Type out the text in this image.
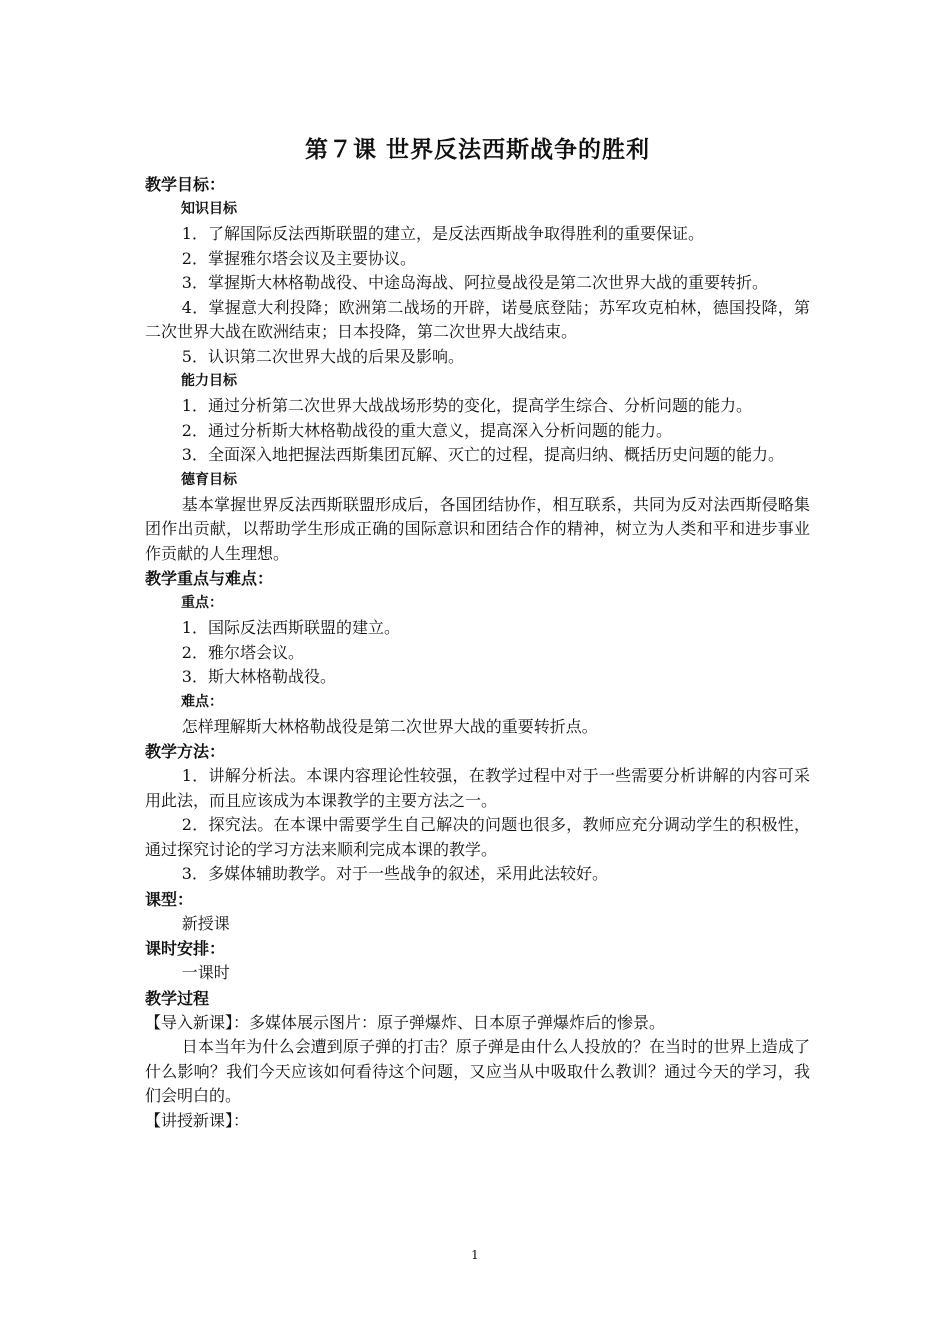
第７课 世界反法西斯战争的胜利

教学目标：

知识目标

1．了解国际反法西斯联盟的建立，是反法西斯战争取得胜利的重要保证。

2．掌握雅尔塔会议及主要协议。

3．掌握斯大林格勒战役、中途岛海战、阿拉曼战役是第二次世界大战的重要转折。

4．掌握意大利投降；欧洲第二战场的开辟，诺曼底登陆；苏军攻克柏林，德国投降，第二次世界大战在欧洲结束；日本投降，第二次世界大战结束。

5．认识第二次世界大战的后果及影响。

能力目标

1．通过分析第二次世界大战战场形势的变化，提高学生综合、分析问题的能力。

2．通过分析斯大林格勒战役的重大意义，提高深入分析问题的能力。

3．全面深入地把握法西斯集团瓦解、灭亡的过程，提高归纳、概括历史问题的能力。

德育目标

基本掌握世界反法西斯联盟形成后，各国团结协作，相互联系，共同为反对法西斯侵略集团作出贡献，以帮助学生形成正确的国际意识和团结合作的精神，树立为人类和平和进步事业作贡献的人生理想。

教学重点与难点：

重点：

1．国际反法西斯联盟的建立。

2．雅尔塔会议。

3．斯大林格勒战役。

难点：

怎样理解斯大林格勒战役是第二次世界大战的重要转折点。

教学方法：

1．讲解分析法。本课内容理论性较强，在教学过程中对于一些需要分析讲解的内容可采用此法，而且应该成为本课教学的主要方法之一。

2．探究法。在本课中需要学生自己解决的问题也很多，教师应充分调动学生的积极性，通过探究讨论的学习方法来顺利完成本课的教学。

3．多媒体辅助教学。对于一些战争的叙述，采用此法较好。

课型：

新授课

课时安排：

一课时

教学过程

【导入新课】：多媒体展示图片：原子弹爆炸、日本原子弹爆炸后的惨景。

日本当年为什么会遭到原子弹的打击？原子弹是由什么人投放的？在当时的世界上造成了什么影响？我们今天应该如何看待这个问题，又应当从中吸取什么教训？通过今天的学习，我们会明白的。

【讲授新课】：

1
